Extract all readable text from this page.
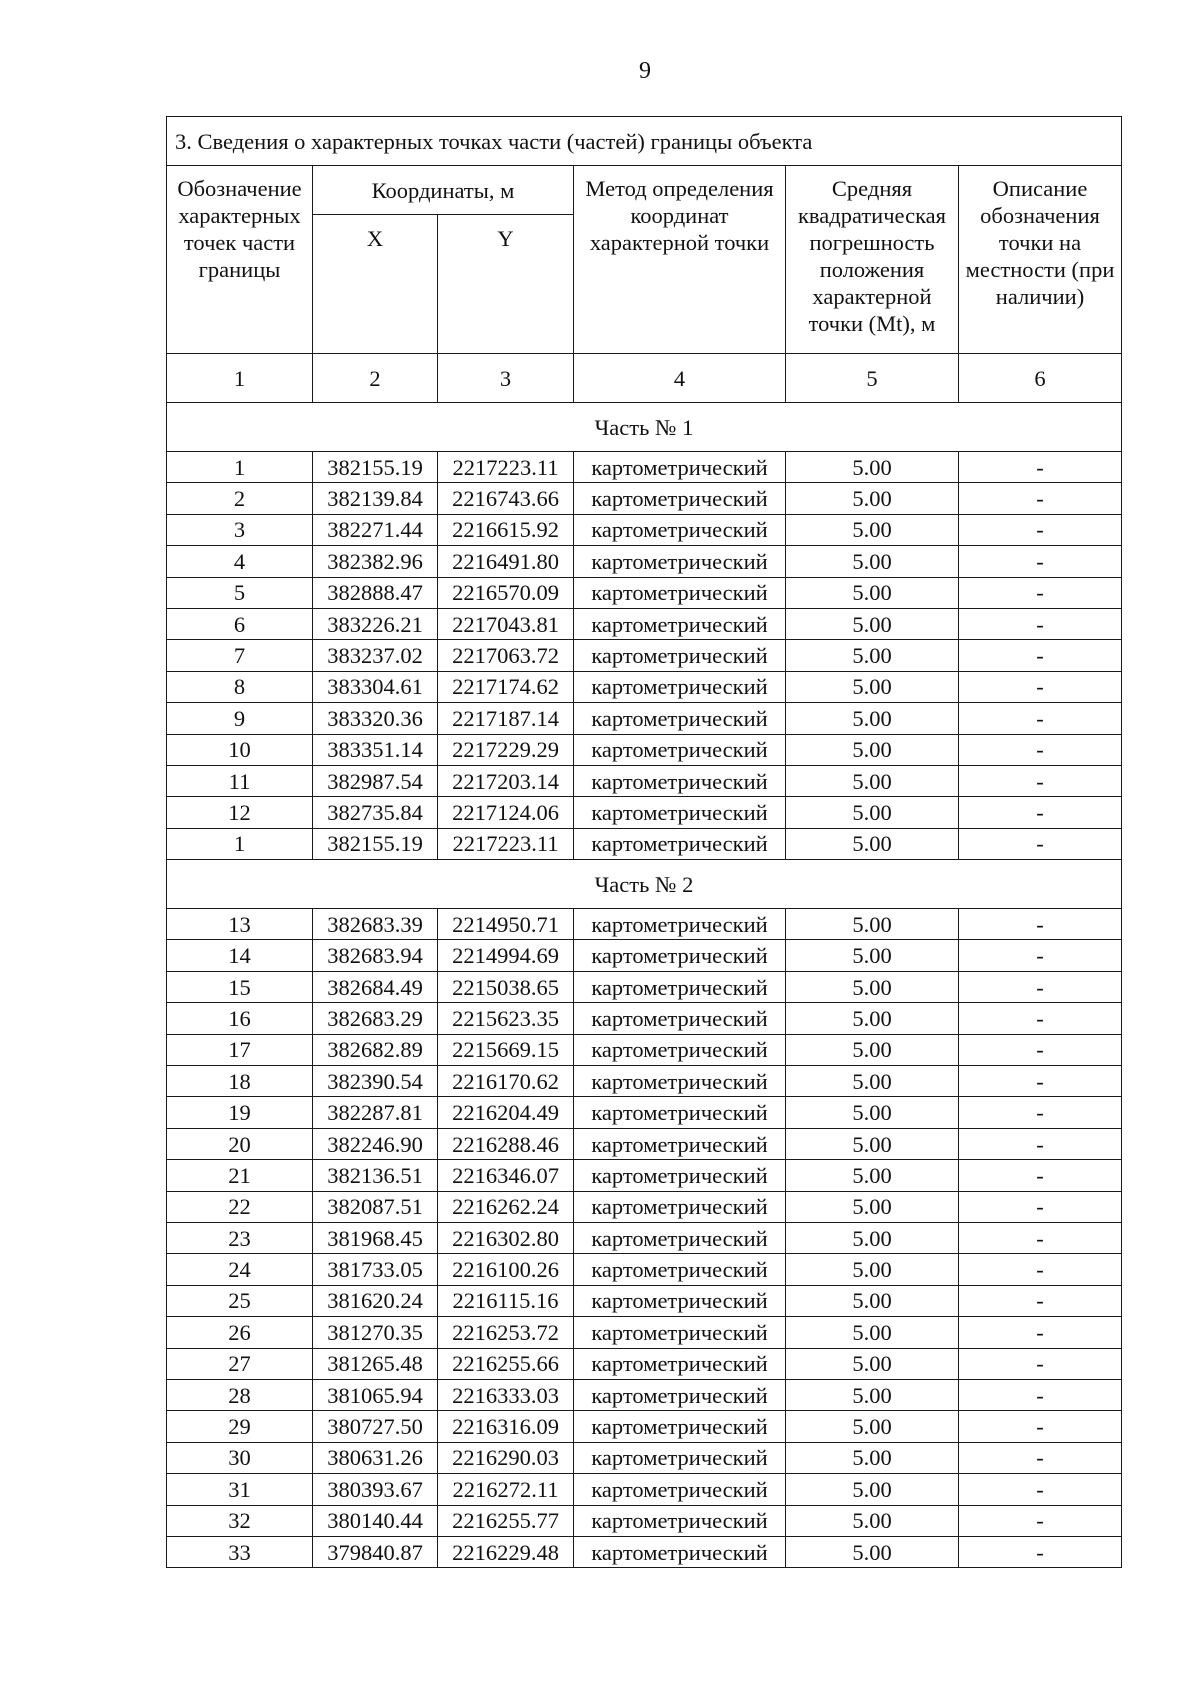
9
3. Сведения о характерных точках части (частей) границы объекта					
Обозначение характерных точек части границы	Координаты, м		Метод определения координат характерной точки	Средняя квадратическая погрешность положения характерной точки (Mt), м	Описание обозначения точки на местности (при наличии)
	X	Y			
1	2	3	4	5	6
Часть № 1					
1	382155.19	2217223.11	картометрический	5.00	-
2	382139.84	2216743.66	картометрический	5.00	-
3	382271.44	2216615.92	картометрический	5.00	-
4	382382.96	2216491.80	картометрический	5.00	-
5	382888.47	2216570.09	картометрический	5.00	-
6	383226.21	2217043.81	картометрический	5.00	-
7	383237.02	2217063.72	картометрический	5.00	-
8	383304.61	2217174.62	картометрический	5.00	-
9	383320.36	2217187.14	картометрический	5.00	-
10	383351.14	2217229.29	картометрический	5.00	-
11	382987.54	2217203.14	картометрический	5.00	-
12	382735.84	2217124.06	картометрический	5.00	-
1	382155.19	2217223.11	картометрический	5.00	-
Часть № 2					
13	382683.39	2214950.71	картометрический	5.00	-
14	382683.94	2214994.69	картометрический	5.00	-
15	382684.49	2215038.65	картометрический	5.00	-
16	382683.29	2215623.35	картометрический	5.00	-
17	382682.89	2215669.15	картометрический	5.00	-
18	382390.54	2216170.62	картометрический	5.00	-
19	382287.81	2216204.49	картометрический	5.00	-
20	382246.90	2216288.46	картометрический	5.00	-
21	382136.51	2216346.07	картометрический	5.00	-
22	382087.51	2216262.24	картометрический	5.00	-
23	381968.45	2216302.80	картометрический	5.00	-
24	381733.05	2216100.26	картометрический	5.00	-
25	381620.24	2216115.16	картометрический	5.00	-
26	381270.35	2216253.72	картометрический	5.00	-
27	381265.48	2216255.66	картометрический	5.00	-
28	381065.94	2216333.03	картометрический	5.00	-
29	380727.50	2216316.09	картометрический	5.00	-
30	380631.26	2216290.03	картометрический	5.00	-
31	380393.67	2216272.11	картометрический	5.00	-
32	380140.44	2216255.77	картометрический	5.00	-
33	379840.87	2216229.48	картометрический	5.00	-
